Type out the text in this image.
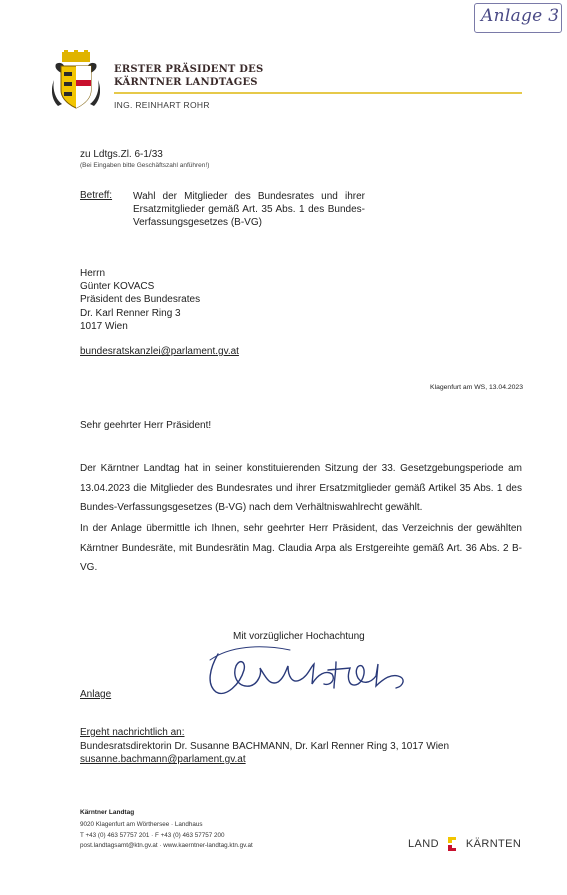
Anlage 3
ERSTER PRÄSIDENT DES
KÄRNTNER LANDTAGES
ING. REINHART ROHR
zu Ldtgs.Zl. 6-1/33
(Bei Eingaben bitte Geschäftszahl anführen!)
Betreff: Wahl der Mitglieder des Bundesrates und ihrer Ersatzmitglieder gemäß Art. 35 Abs. 1 des Bundes-Verfassungsgesetzes (B-VG)
Herrn
Günter KOVACS
Präsident des Bundesrates
Dr. Karl Renner Ring 3
1017 Wien
bundesratskanzlei@parlament.gv.at
Klagenfurt am WS, 13.04.2023
Sehr geehrter Herr Präsident!
Der Kärntner Landtag hat in seiner konstituierenden Sitzung der 33. Gesetzgebungsperiode am 13.04.2023 die Mitglieder des Bundesrates und ihrer Ersatzmitglieder gemäß Artikel 35 Abs. 1 des Bundes-Verfassungsgesetzes (B-VG) nach dem Verhältniswahlrecht gewählt.
In der Anlage übermittle ich Ihnen, sehr geehrter Herr Präsident, das Verzeichnis der gewählten Kärntner Bundesräte, mit Bundesrätin Mag. Claudia Arpa als Erstgereihte gemäß Art. 36 Abs. 2 B-VG.
Mit vorzüglicher Hochachtung
Anlage
Ergeht nachrichtlich an:
Bundesratsdirektorin Dr. Susanne BACHMANN, Dr. Karl Renner Ring 3, 1017 Wien
susanne.bachmann@parlament.gv.at
Kärntner Landtag
9020 Klagenfurt am Wörthersee · Landhaus
T +43 (0) 463 57757 201 · F +43 (0) 463 57757 200
post.landtagsamt@ktn.gv.at · www.kaerntner-landtag.ktn.gv.at	LAND KÄRNTEN
